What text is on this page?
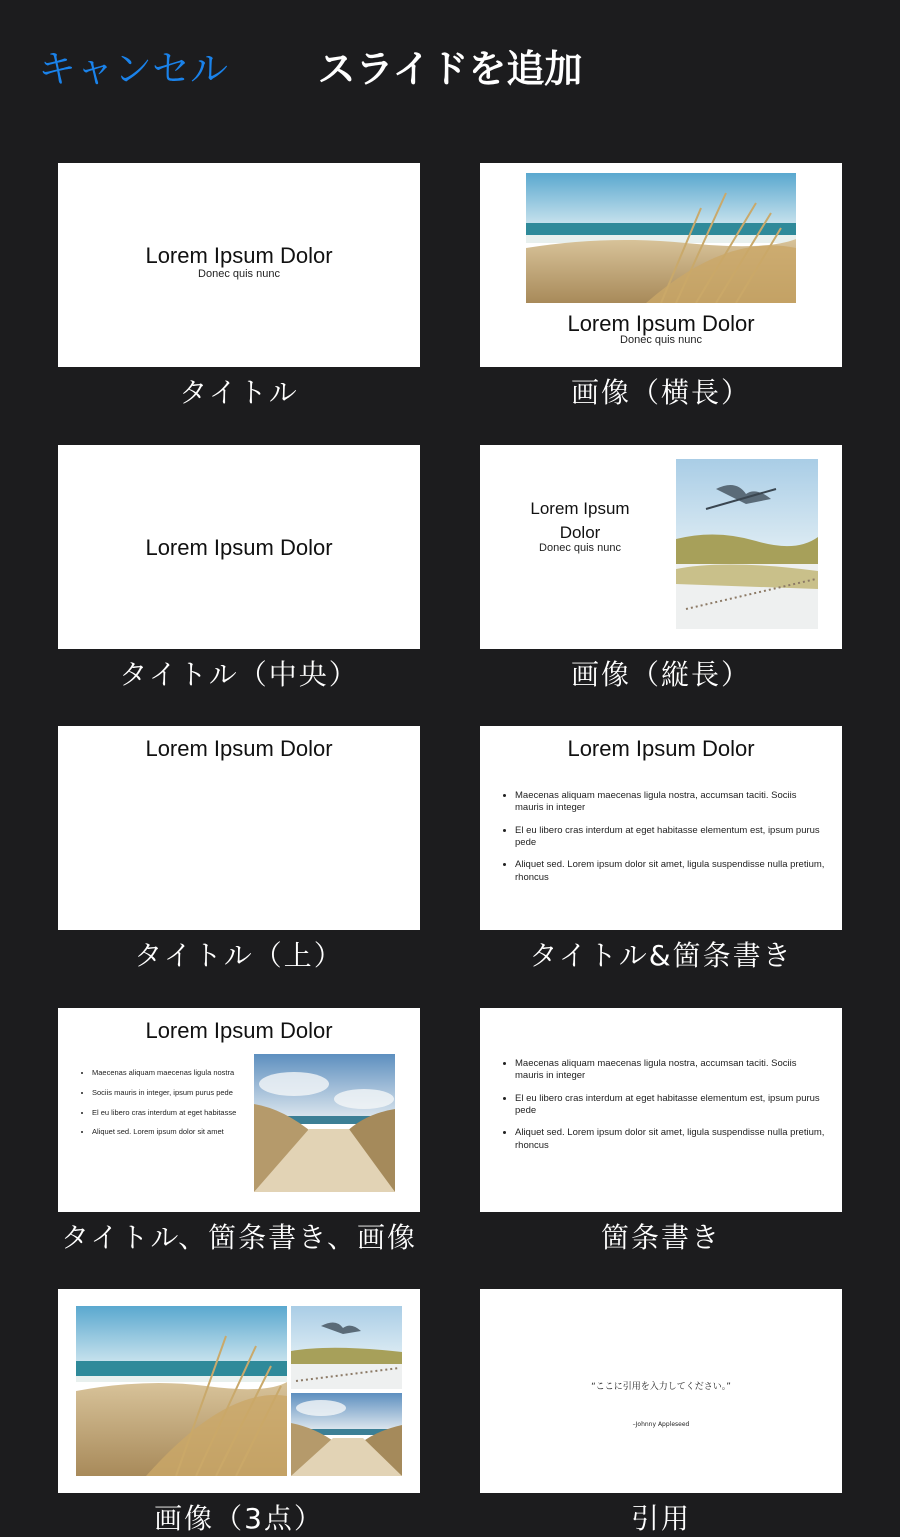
キャンセル	スライドを追加
Lorem Ipsum Dolor
Donec quis nunc
タイトル
Lorem Ipsum Dolor
Donec quis nunc
画像（横長）
Lorem Ipsum Dolor
タイトル（中央）
Lorem Ipsum
Dolor
Donec quis nunc
画像（縦長）
Lorem Ipsum Dolor
タイトル（上）
Lorem Ipsum Dolor
• Maecenas aliquam maecenas ligula nostra, accumsan taciti. Sociis mauris in integer
• El eu libero cras interdum at eget habitasse elementum est, ipsum purus pede
• Aliquet sed. Lorem ipsum dolor sit amet, ligula suspendisse nulla pretium, rhoncus
タイトル&箇条書き
Lorem Ipsum Dolor
• Maecenas aliquam maecenas ligula nostra
• Sociis mauris in integer, ipsum purus pede
• El eu libero cras interdum at eget habitasse
• Aliquet sed. Lorem ipsum dolor sit amet
タイトル、箇条書き、画像
• Maecenas aliquam maecenas ligula nostra, accumsan taciti. Sociis mauris in integer
• El eu libero cras interdum at eget habitasse elementum est, ipsum purus pede
• Aliquet sed. Lorem ipsum dolor sit amet, ligula suspendisse nulla pretium, rhoncus
箇条書き
画像（3点）
“ここに引用を入力してください。”
–Johnny Appleseed
引用
